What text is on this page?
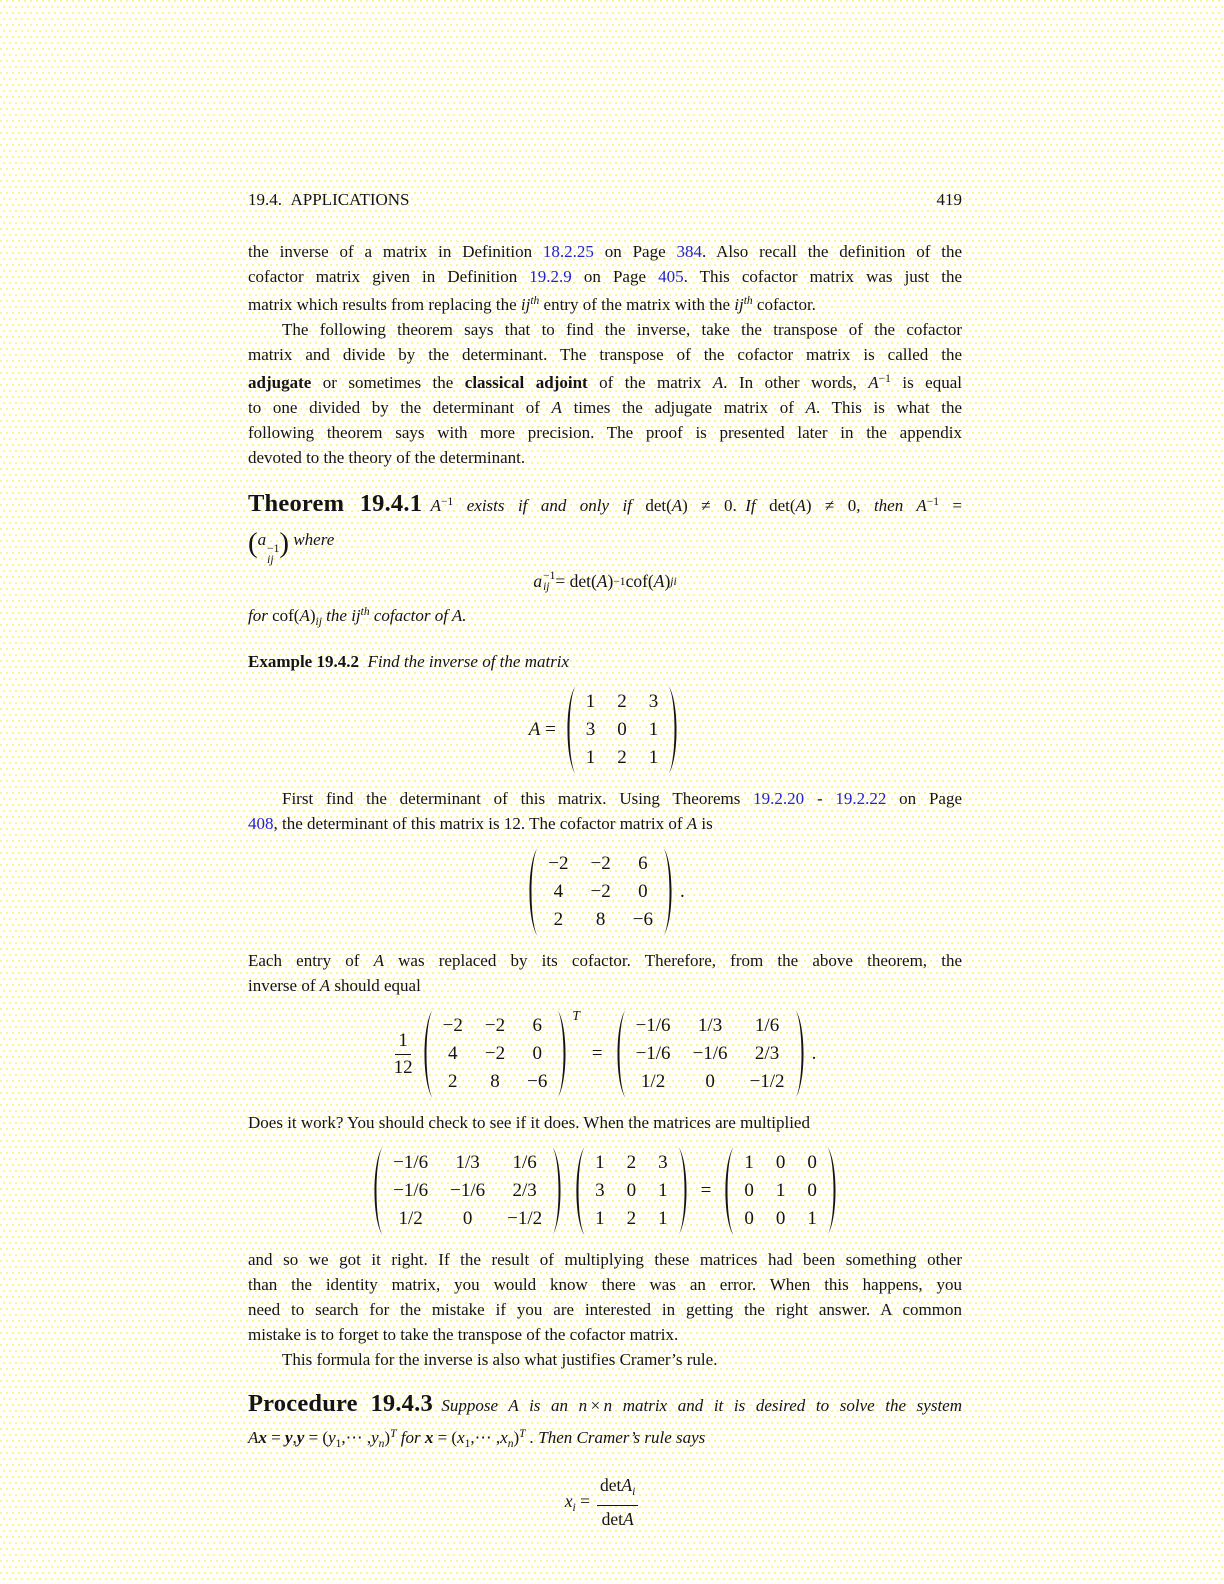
19.4. APPLICATIONS	419
the inverse of a matrix in Definition 18.2.25 on Page 384. Also recall the definition of the
cofactor matrix given in Definition 19.2.9 on Page 405. This cofactor matrix was just the
matrix which results from replacing the $ij^{th}$ entry of the matrix with the $ij^{th}$ cofactor.
The following theorem says that to find the inverse, take the transpose of the cofactor
matrix and divide by the determinant. The transpose of the cofactor matrix is called the
adjugate or sometimes the classical adjoint of the matrix A. In other words, $A^{-1}$ is equal
to one divided by the determinant of A times the adjugate matrix of A. This is what the
following theorem says with more precision. The proof is presented later in the appendix
devoted to the theory of the determinant.
Theorem 19.4.1 $A^{-1}$ exists if and only if det(A) ≠ 0. If det(A) ≠ 0, then $A^{-1}$ =
(a −1
ij
) where
a −1
ij = det( A ) −1 cof( A ) ji
for $cof(A)_{ij}$ the $ij^{th}$ cofactor of A.
Example 19.4.2 Find the inverse of the matrix
A =
1 2 3
3 0 1
1 2 1
First find the determinant of this matrix. Using Theorems 19.2.20 - 19.2.22 on Page
408, the determinant of this matrix is 12. The cofactor matrix of A is
−2 −2 6
4 −2 0
2 8 −6
.
Each entry of A was replaced by its cofactor. Therefore, from the above theorem, the
inverse of A should equal
$\frac{1}{12}$
−2 −2 6
4 −2 0
2 8 −6
T
=
−1/6 1/3 1/6
−1/6 −1/6 2/3
1/2 0 −1/2
.
Does it work? You should check to see if it does. When the matrices are multiplied
−1/6 1/3 1/6
−1/6 −1/6 2/3
1/2 0 −1/2
1 2 3
3 0 1
1 2 1
=
1 0 0
0 1 0
0 0 1
and so we got it right. If the result of multiplying these matrices had been something other
than the identity matrix, you would know there was an error. When this happens, you
need to search for the mistake if you are interested in getting the right answer. A common
mistake is to forget to take the transpose of the cofactor matrix.
This formula for the inverse is also what justifies Cramer’s rule.
Procedure 19.4.3 Suppose A is an n × n matrix and it is desired to solve the system
$Ax = y,y = (y_1,\cdots$ $,y_n)^T$ for $x = (x_1,\cdots$ $,x_n)^T$ . Then Cramer’s rule says
$x_i = \frac{\det A_i}{\det A}$
